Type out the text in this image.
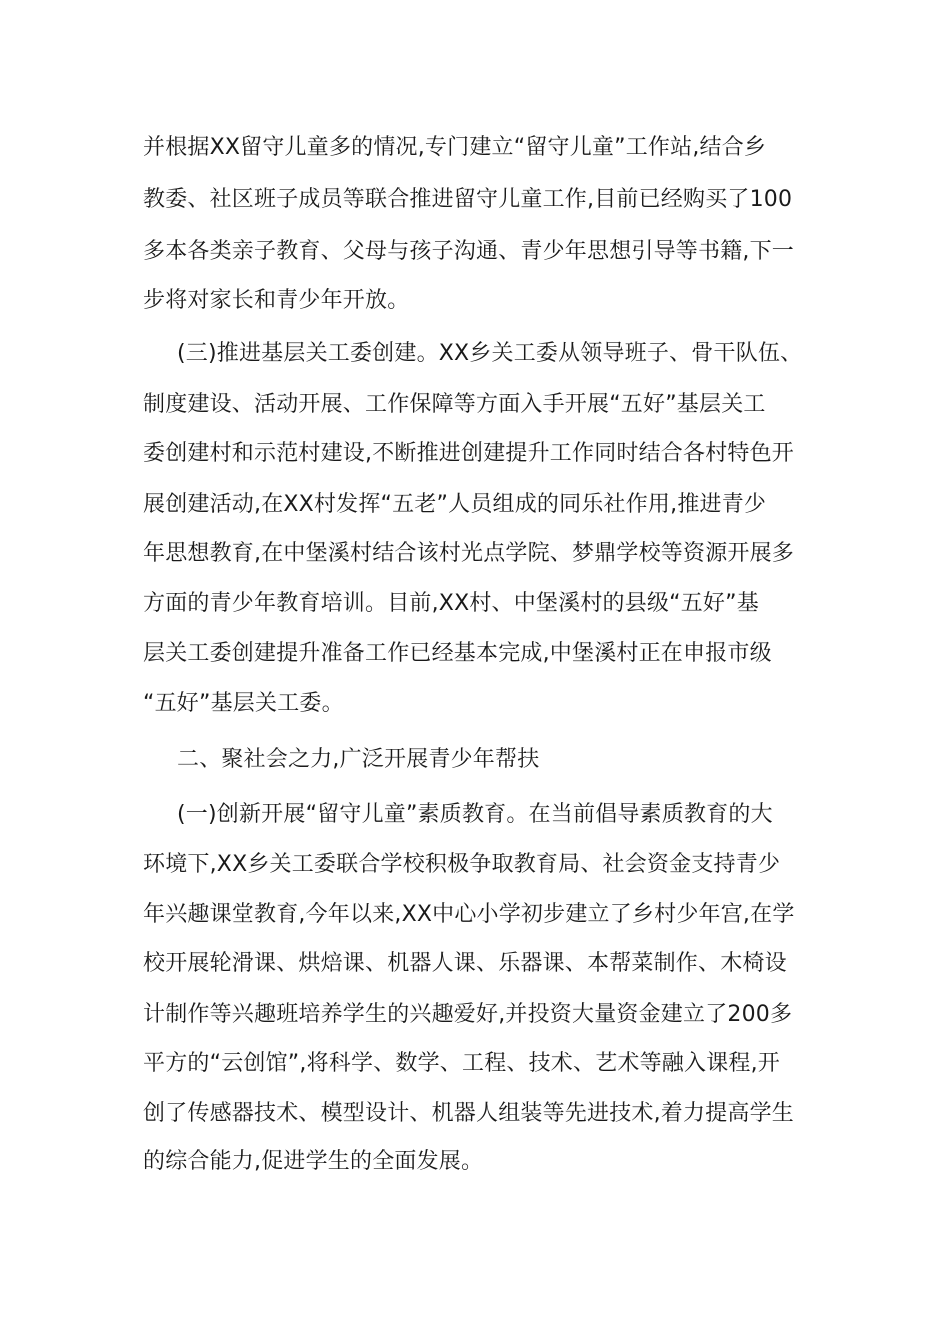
并根据XX留守儿童多的情况,专门建立“留守儿童”工作站,结合乡
教委、社区班子成员等联合推进留守儿童工作,目前已经购买了100
多本各类亲子教育、父母与孩子沟通、青少年思想引导等书籍,下一
步将对家长和青少年开放。
(三)推进基层关工委创建。XX乡关工委从领导班子、骨干队伍、
制度建设、活动开展、工作保障等方面入手开展“五好”基层关工
委创建村和示范村建设,不断推进创建提升工作同时结合各村特色开
展创建活动,在XX村发挥“五老”人员组成的同乐社作用,推进青少
年思想教育,在中堡溪村结合该村光点学院、梦鼎学校等资源开展多
方面的青少年教育培训。目前,XX村、中堡溪村的县级“五好”基
层关工委创建提升准备工作已经基本完成,中堡溪村正在申报市级
“五好”基层关工委。
二、聚社会之力,广泛开展青少年帮扶
(一)创新开展“留守儿童”素质教育。在当前倡导素质教育的大
环境下,XX乡关工委联合学校积极争取教育局、社会资金支持青少
年兴趣课堂教育,今年以来,XX中心小学初步建立了乡村少年宫,在学
校开展轮滑课、烘焙课、机器人课、乐器课、本帮菜制作、木椅设
计制作等兴趣班培养学生的兴趣爱好,并投资大量资金建立了200多
平方的“云创馆”,将科学、数学、工程、技术、艺术等融入课程,开
创了传感器技术、模型设计、机器人组装等先进技术,着力提高学生
的综合能力,促进学生的全面发展。
